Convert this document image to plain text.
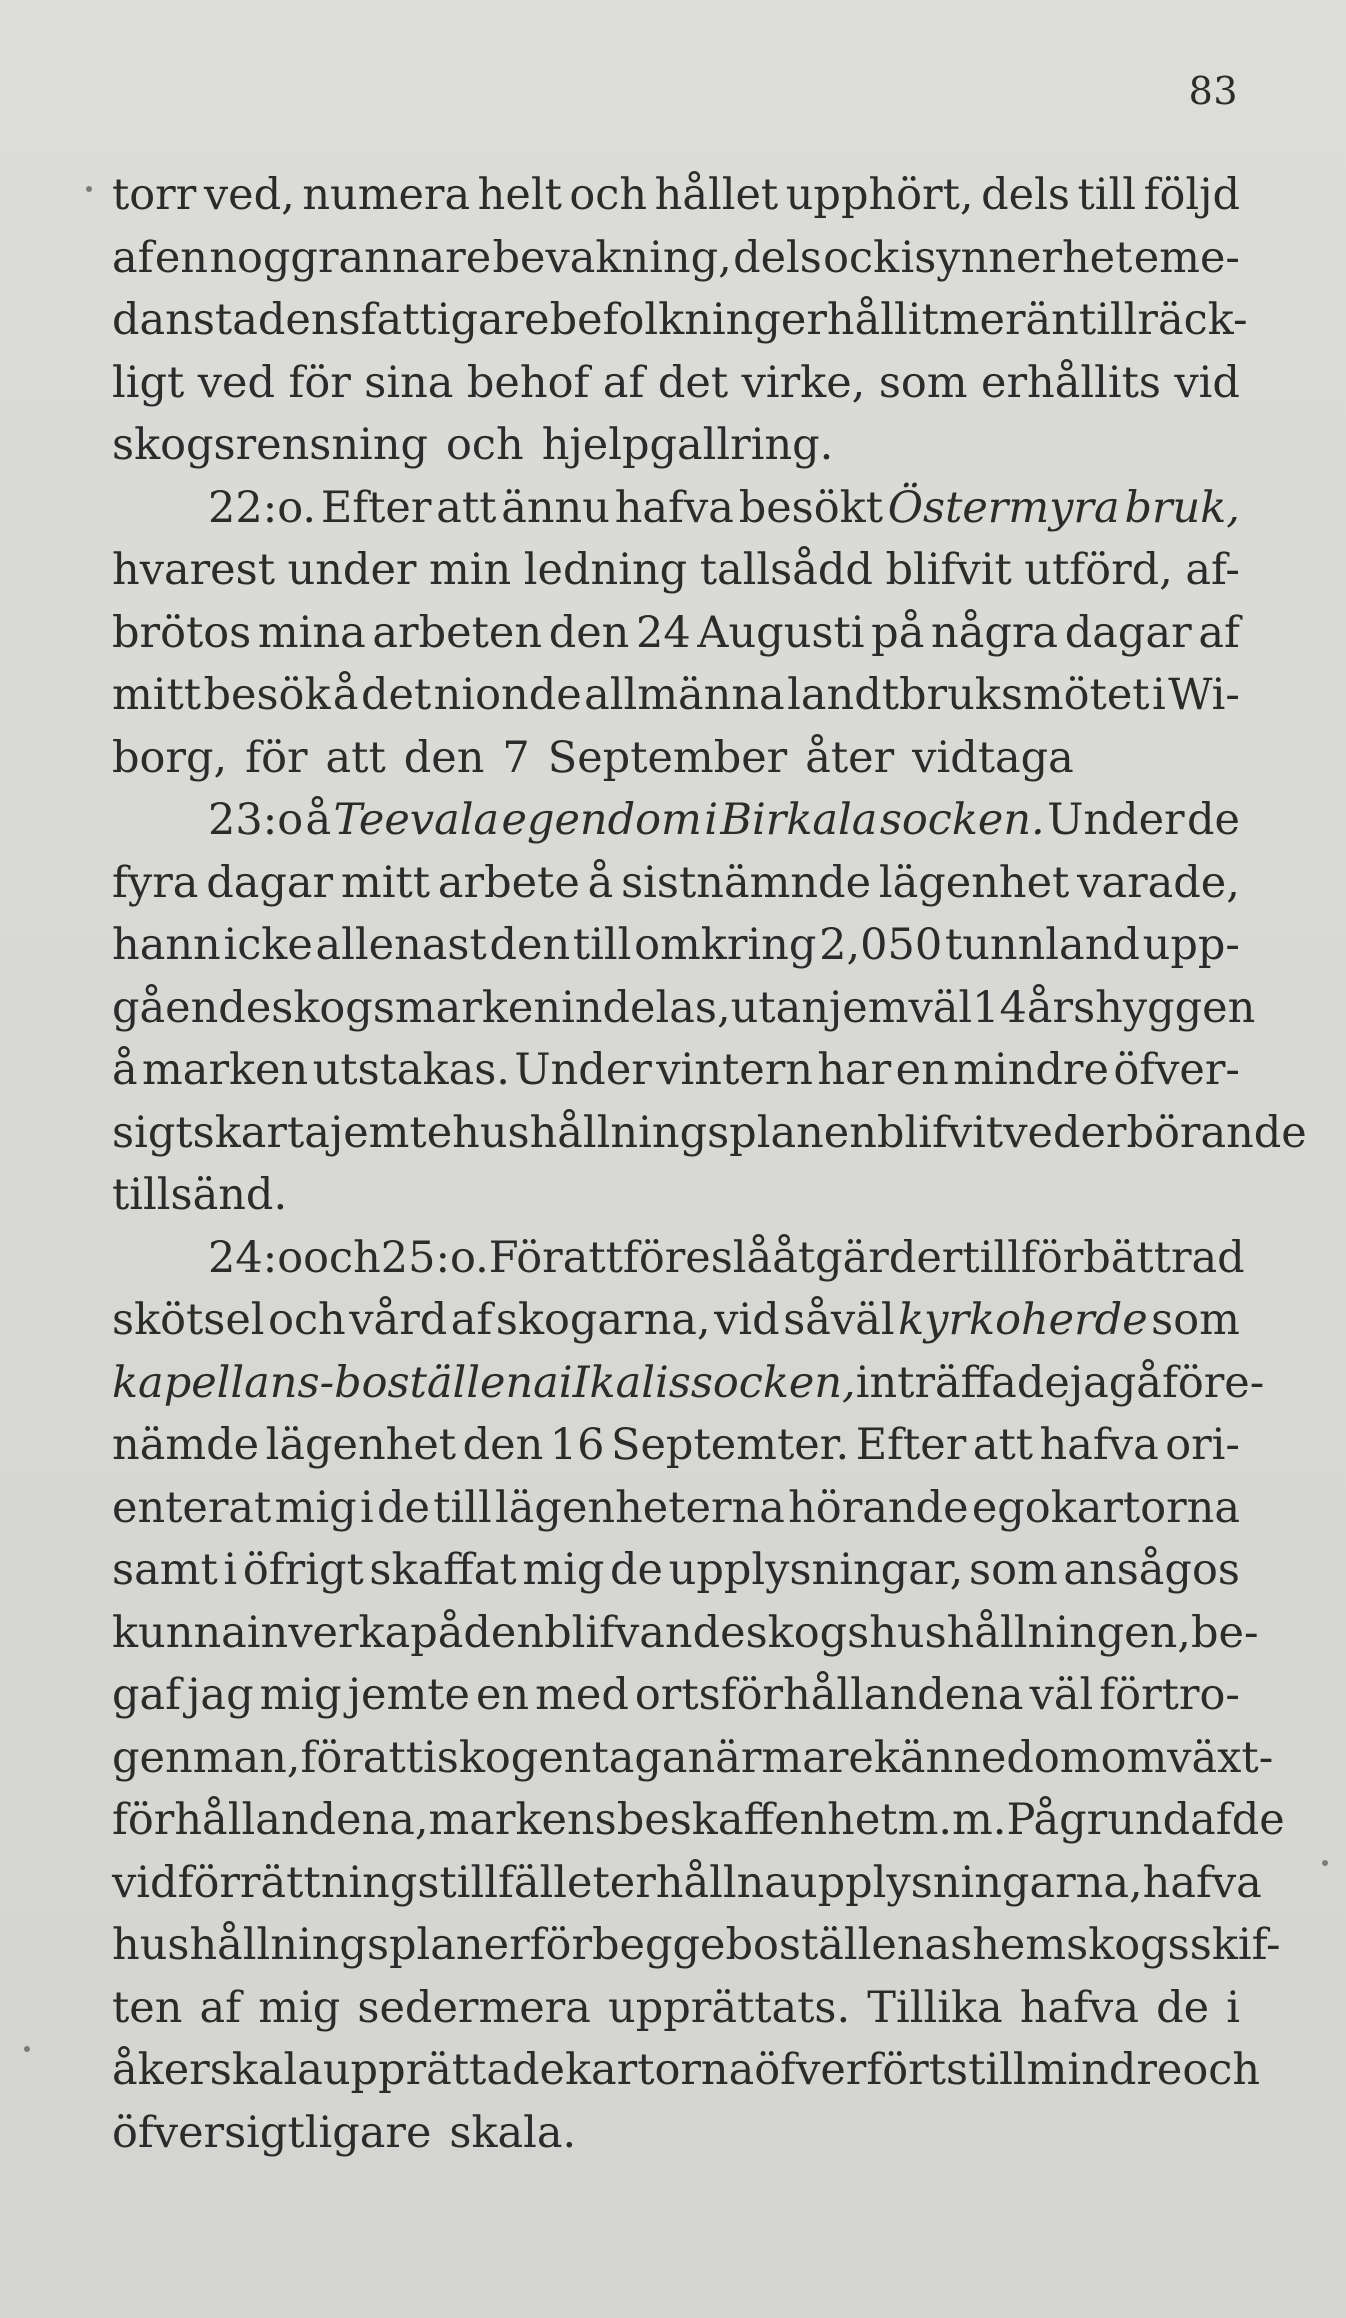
83
torr ved, numera helt och hållet upphört, dels till följd
af en noggrannare bevakning, dels ock isynnerhet eme-
dan stadens fattigare befolkning erhållit mer än tillräck-
ligt ved för sina behof af det virke, som erhållits vid
skogsrensning och hjelpgallring.
22:o. Efter att ännu hafva besökt Östermyra bruk,
hvarest under min ledning tallsådd blifvit utförd, af-
brötos mina arbeten den 24 Augusti på några dagar af
mitt besök å det nionde allmänna landtbruksmötet i Wi-
borg, för att den 7 September åter vidtaga
23:o å Teevala egendom i Birkala socken. Under de
fyra dagar mitt arbete å sistnämnde lägenhet varade,
hann icke allenast den till omkring 2,050 tunnland upp-
gående skogsmarken indelas, utan jemväl 14 årshyggen
å marken utstakas. Under vintern har en mindre öfver-
sigtskarta jemte hushållningsplanen blifvit vederbörande
tillsänd.
24:o och 25:o. För att föreslå åtgärder till förbättrad
skötsel och vård af skogarna, vid såväl kyrkoherde som
kapellans- boställena i Ikalis socken, inträffade jag å före-
nämde lägenhet den 16 Septemter. Efter att hafva ori-
enterat mig i de till lägenheterna hörande egokartorna
samt i öfrigt skaffat mig de upplysningar, som ansågos
kunna inverka på den blifvande skogshushållningen, be-
gaf jag mig jemte en med ortsförhållandena väl förtro-
gen man, för att i skogen taga närmare kännedom om växt-
förhållandena, markens beskaffenhet m. m. På grund af de
vid förrättningstillfället erhållna upplysningarna, hafva
hushållningsplaner för begge boställenas hemskogsskif-
ten af mig sedermera upprättats. Tillika hafva de i
åkerskala upprättade kartorna öfverförts till mindre och
öfversigtligare skala.
